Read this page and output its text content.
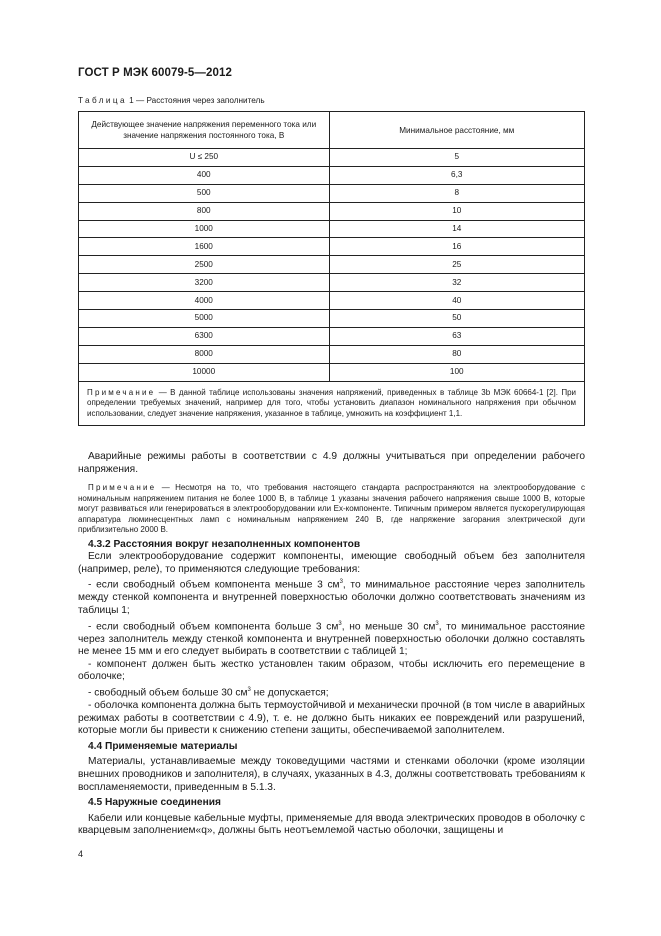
ГОСТ Р МЭК 60079-5—2012
Таблица 1 — Расстояния через заполнитель
Действующее значение напряжения переменного тока или значение напряжения постоянного тока, В	Минимальное расстояние, мм
U ≤ 250	5
400	6,3
500	8
800	10
1000	14
1600	16
2500	25
3200	32
4000	40
5000	50
6300	63
8000	80
10000	100
Примечание — В данной таблице использованы значения напряжений, приведенных в таблице 3b МЭК 60664-1 [2]. При определении требуемых значений, например для того, чтобы установить диапазон номинального напряжения при обычном использовании, следует значение напряжения, указанное в таблице, умножить на коэффициент 1,1.	

Аварийные режимы работы в соответствии с 4.9 должны учитываться при определении рабочего напряжения.

Примечание — Несмотря на то, что требования настоящего стандарта распространяются на электрооборудование с номинальным напряжением питания не более 1000 В, в таблице 1 указаны значения рабочего напряжения свыше 1000 В, которые могут развиваться или генерироваться в электрооборудовании или Ex-компоненте. Типичным примером является пускорегулирующая аппаратура люминесцентных ламп с номинальным напряжением 240 В, где напряжение загорания электрической дуги приблизительно 2000 В.

4.3.2 Расстояния вокруг незаполненных компонентов

Если электрооборудование содержит компоненты, имеющие свободный объем без заполнителя (например, реле), то применяются следующие требования:

- если свободный объем компонента меньше 3 $см^3$, то минимальное расстояние через заполнитель между стенкой компонента и внутренней поверхностью оболочки должно соответствовать значениям из таблицы 1;

- если свободный объем компонента больше 3 $см^3$, но меньше 30 $см^3$, то минимальное расстояние через заполнитель между стенкой компонента и внутренней поверхностью оболочки должно составлять не менее 15 мм и его следует выбирать в соответствии с таблицей 1;

- компонент должен быть жестко установлен таким образом, чтобы исключить его перемещение в оболочке;

- свободный объем больше 30 $см^3$ не допускается;

- оболочка компонента должна быть термоустойчивой и механически прочной (в том числе в аварийных режимах работы в соответствии с 4.9), т. е. не должно быть никаких ее повреждений или разрушений, которые могли бы привести к снижению степени защиты, обеспечиваемой заполнителем.

4.4 Применяемые материалы

Материалы, устанавливаемые между токоведущими частями и стенками оболочки (кроме изоляции внешних проводников и заполнителя), в случаях, указанных в 4.3, должны соответствовать требованиям к воспламеняемости, приведенным в 5.1.3.

4.5 Наружные соединения

Кабели или концевые кабельные муфты, применяемые для ввода электрических проводов в оболочку с кварцевым заполнением«q», должны быть неотъемлемой частью оболочки, защищены и

4
